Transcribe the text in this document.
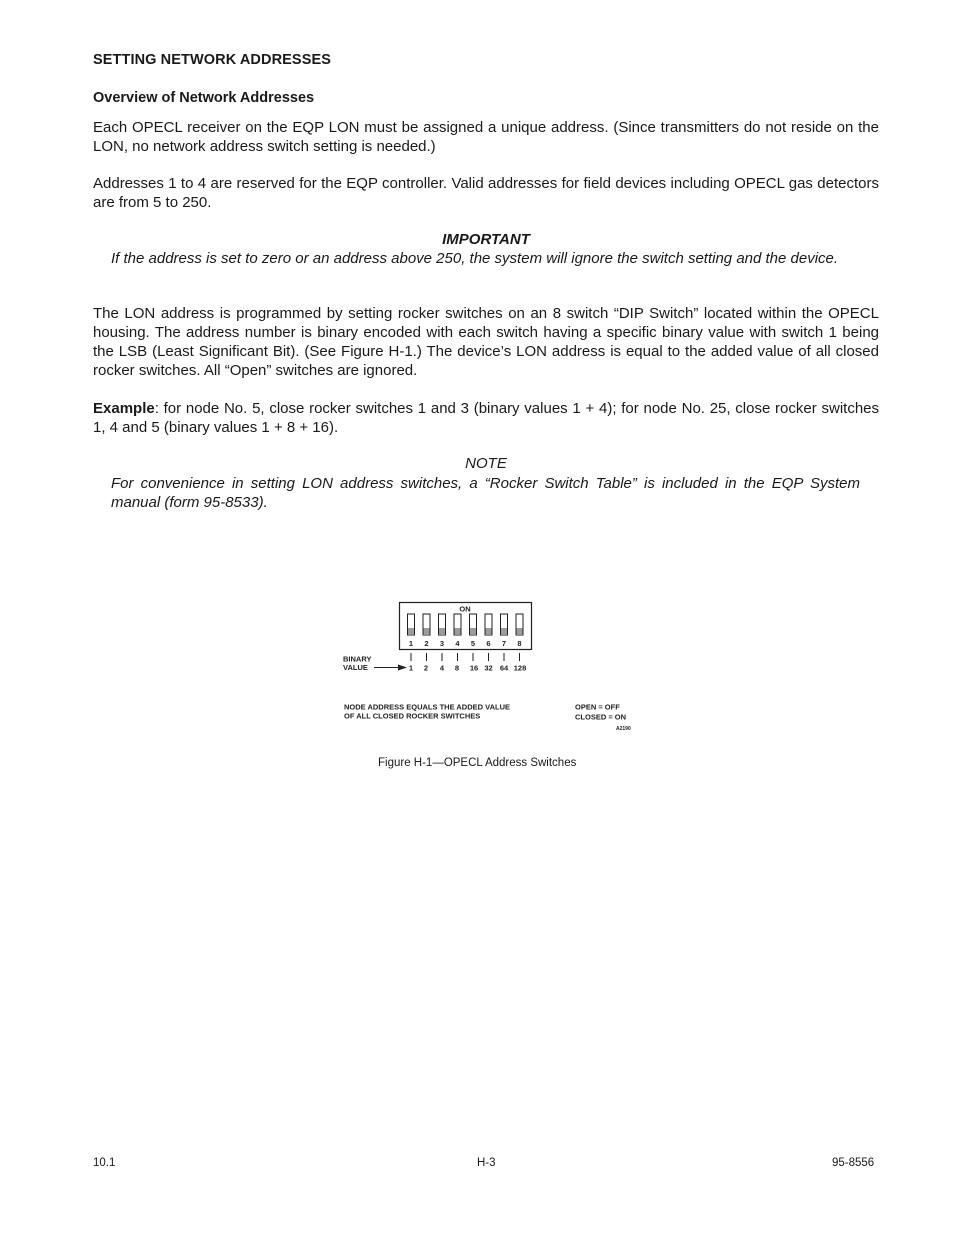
SETTING NETWORK ADDRESSES
Overview of Network Addresses
Each OPECL receiver on the EQP LON must be assigned a unique address. (Since transmitters do not reside on the LON, no network address switch setting is needed.)
Addresses 1 to 4 are reserved for the EQP controller. Valid addresses for field devices including OPECL gas detectors are from 5 to 250.
IMPORTANT
If the address is set to zero or an address above 250, the system will ignore the switch setting and the device.
The LON address is programmed by setting rocker switches on an 8 switch “DIP Switch” located within the OPECL housing. The address number is binary encoded with each switch having a specific binary value with switch 1 being the LSB (Least Significant Bit). (See Figure H-1.) The device’s LON address is equal to the added value of all closed rocker switches. All “Open” switches are ignored.
Example: for node No. 5, close rocker switches 1 and 3 (binary values 1 + 4); for node No. 25, close rocker switches 1, 4 and 5 (binary values 1 + 8 + 16).
NOTE
For convenience in setting LON address switches, a “Rocker Switch Table” is included in the EQP System manual (form 95-8533).
ON
1 2 3 4 5 6 7 8
1 2 4 8 16 32 64 128
BINARY
VALUE
NODE ADDRESS EQUALS THE ADDED VALUE
OF ALL CLOSED ROCKER SWITCHES
OPEN = OFF
CLOSED = ON
A2190
Figure H-1—OPECL Address Switches
10.1	H-3	95-8556
